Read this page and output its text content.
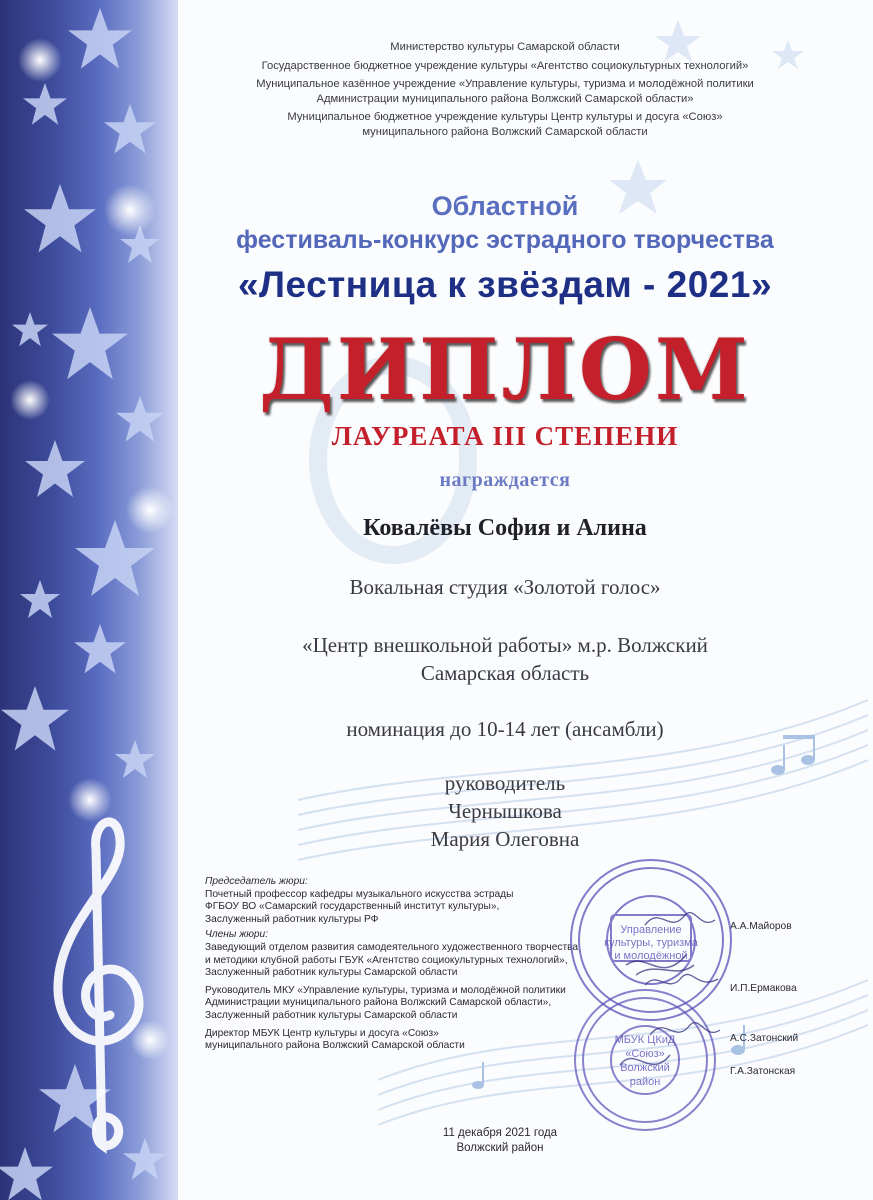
Министерство культуры Самарской области
Государственное бюджетное учреждение культуры «Агентство социокультурных технологий»
Муниципальное казённое учреждение «Управление культуры, туризма и молодёжной политики
Администрации муниципального района Волжский Самарской области»
Муниципальное бюджетное учреждение культуры Центр культуры и досуга «Союз»
муниципального района Волжский Самарской области
Областной
фестиваль-конкурс эстрадного творчества
«Лестница к звёздам - 2021»
ДИПЛОМ
ЛАУРЕАТА III СТЕПЕНИ
награждается
Ковалёвы София и Алина
Вокальная студия «Золотой голос»
«Центр внешкольной работы» м.р. Волжский
Самарская область
номинация до 10-14 лет (ансамбли)
руководитель
Чернышкова
Мария Олеговна
Председатель жюри:
Почетный профессор кафедры музыкального искусства эстрады
ФГБОУ ВО «Самарский государственный институт культуры»,
Заслуженный работник культуры РФ
Члены жюри:
Заведующий отделом развития самодеятельного художественного творчества
и методики клубной работы ГБУК «Агентство социокультурных технологий»,
Заслуженный работник культуры Самарской области
Руководитель МКУ «Управление культуры, туризма и молодёжной политики
Администрации муниципального района Волжский Самарской области»,
Заслуженный работник культуры Самарской области
Директор МБУК Центр культуры и досуга «Союз»
муниципального района Волжский Самарской области
А.А.Майоров
И.П.Ермакова
А.С.Затонский
Г.А.Затонская
Управление
культуры, туризма
и молодёжной
МБУК ЦКиД
«Союз»
Волжский
район
11 декабря 2021 года
Волжский район
